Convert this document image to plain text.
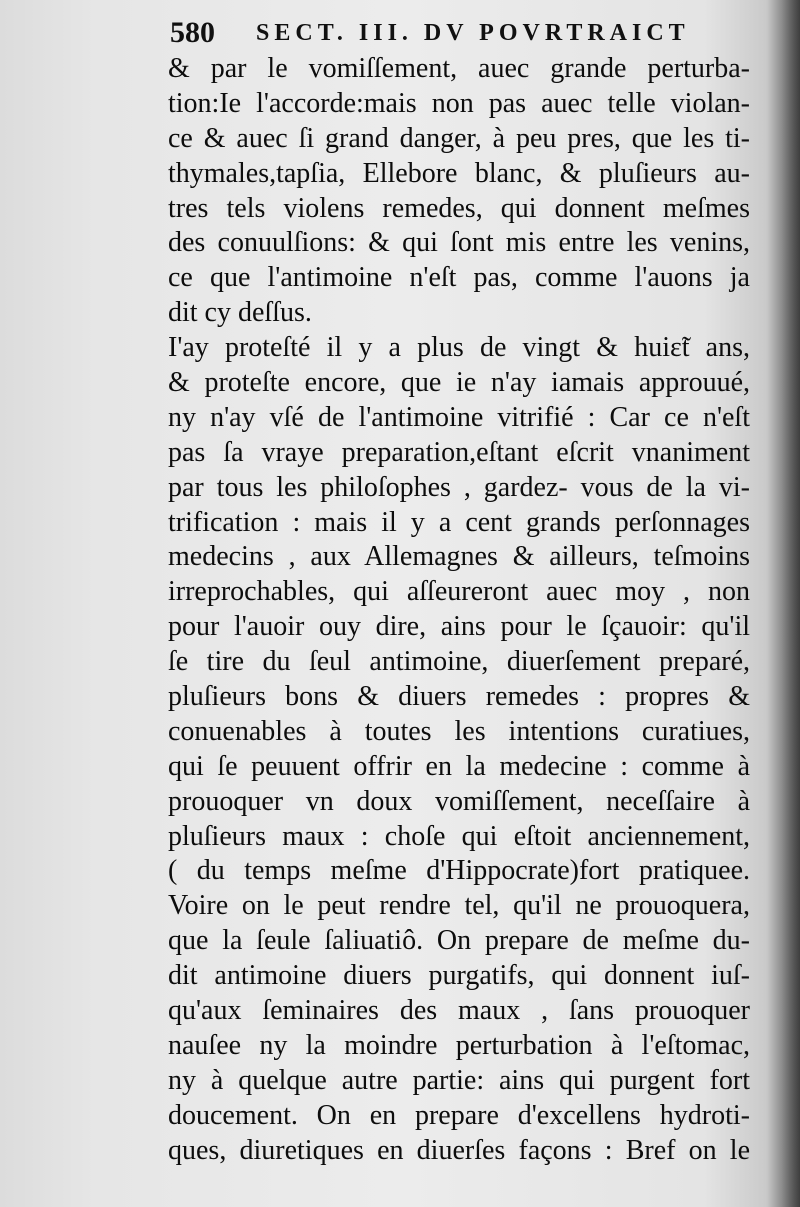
580 SECT. III. DV POVRTRAICT
& par le vomiſſement, auec grande perturba-
tion:Ie l'accorde:mais non pas auec telle violan-
ce & auec ſi grand danger, à peu pres, que les ti-
thymales,tapſia, Ellebore blanc, & pluſieurs au-
tres tels violens remedes, qui donnent meſmes
des conuulſions: & qui ſont mis entre les venins,
ce que l'antimoine n'eſt pas, comme l'auons ja
dit cy deſſus.
I'ay proteſté il y a plus de vingt & huiɛ̃t ans,
& proteſte encore, que ie n'ay iamais approuué,
ny n'ay vſé de l'antimoine vitrifié : Car ce n'eſt
pas ſa vraye preparation,eſtant eſcrit vnaniment
par tous les philoſophes , gardez- vous de la vi-
trification : mais il y a cent grands perſonnages
medecins , aux Allemagnes & ailleurs, teſmoins
irreprochables, qui aſſeureront auec moy , non
pour l'auoir ouy dire, ains pour le ſçauoir: qu'il
ſe tire du ſeul antimoine, diuerſement preparé,
pluſieurs bons & diuers remedes : propres &
conuenables à toutes les intentions curatiues,
qui ſe peuuent offrir en la medecine : comme à
prouoquer vn doux vomiſſement, neceſſaire à
pluſieurs maux : choſe qui eſtoit anciennement,
( du temps meſme d'Hippocrate)fort pratiquee.
Voire on le peut rendre tel, qu'il ne prouoquera,
que la ſeule ſaliuatiô. On prepare de meſme du-
dit antimoine diuers purgatifs, qui donnent iuſ-
qu'aux ſeminaires des maux , ſans prouoquer
nauſee ny la moindre perturbation à l'eſtomac,
ny à quelque autre partie: ains qui purgent fort
doucement. On en prepare d'excellens hydroti-
ques, diuretiques en diuerſes façons : Bref on le
